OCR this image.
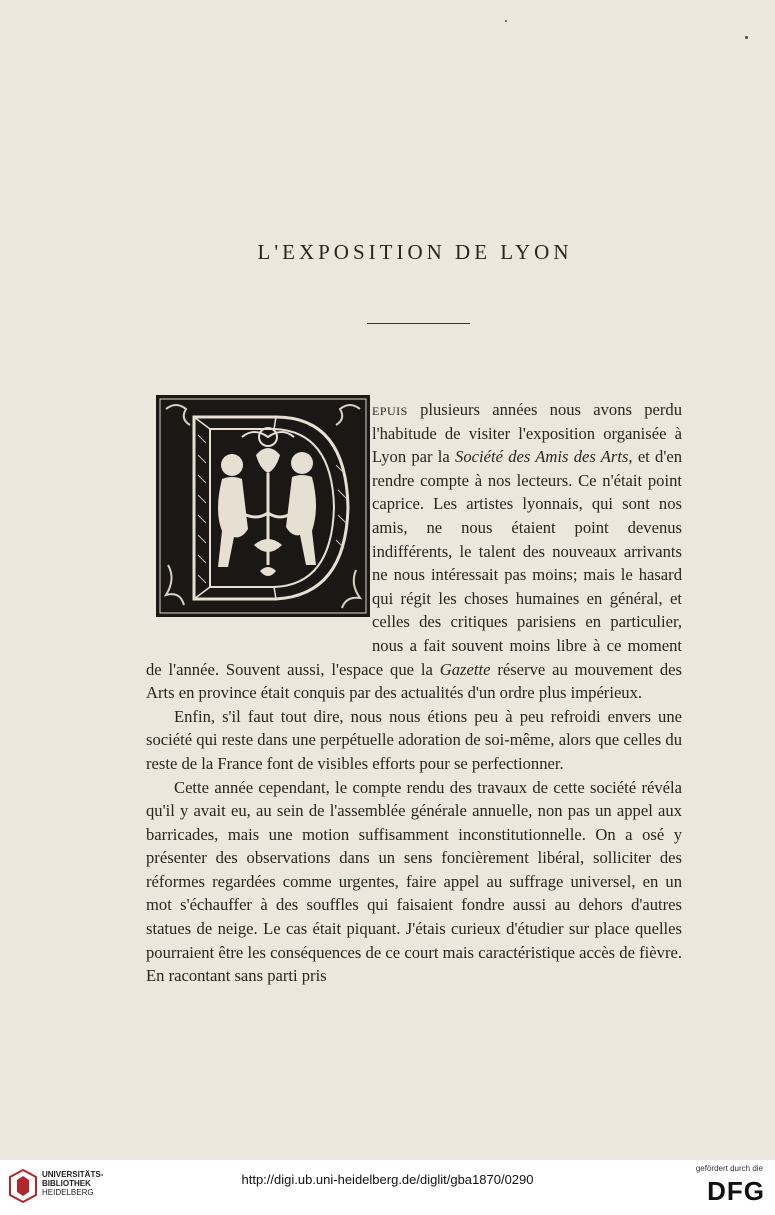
L'EXPOSITION DE LYON

epuis plusieurs années nous avons perdu l'habitude de visiter l'exposition organisée à Lyon par la Société des Amis des Arts, et d'en rendre compte à nos lecteurs. Ce n'était point caprice. Les artistes lyonnais, qui sont nos amis, ne nous étaient point devenus indifférents, le talent des nouveaux arrivants ne nous intéressait pas moins; mais le hasard qui régit les choses humaines en général, et celles des critiques parisiens en particulier, nous a fait souvent moins libre à ce moment de l'année. Souvent aussi, l'espace que la Gazette réserve au mouvement des Arts en province était conquis par des actualités d'un ordre plus impérieux.

Enfin, s'il faut tout dire, nous nous étions peu à peu refroidi envers une société qui reste dans une perpétuelle adoration de soi-même, alors que celles du reste de la France font de visibles efforts pour se perfectionner.

Cette année cependant, le compte rendu des travaux de cette société révéla qu'il y avait eu, au sein de l'assemblée générale annuelle, non pas un appel aux barricades, mais une motion suffisamment inconstitutionnelle. On a osé y présenter des observations dans un sens foncièrement libéral, solliciter des réformes regardées comme urgentes, faire appel au suffrage universel, en un mot s'échauffer à des souffles qui faisaient fondre aussi au dehors d'autres statues de neige. Le cas était piquant. J'étais curieux d'étudier sur place quelles pourraient être les conséquences de ce court mais caractéristique accès de fièvre. En racontant sans parti pris

UNIVERSITÄTS-
BIBLIOTHEK
HEIDELBERG
http://digi.ub.uni-heidelberg.de/diglit/gba1870/0290
gefördert durch die
DFG
